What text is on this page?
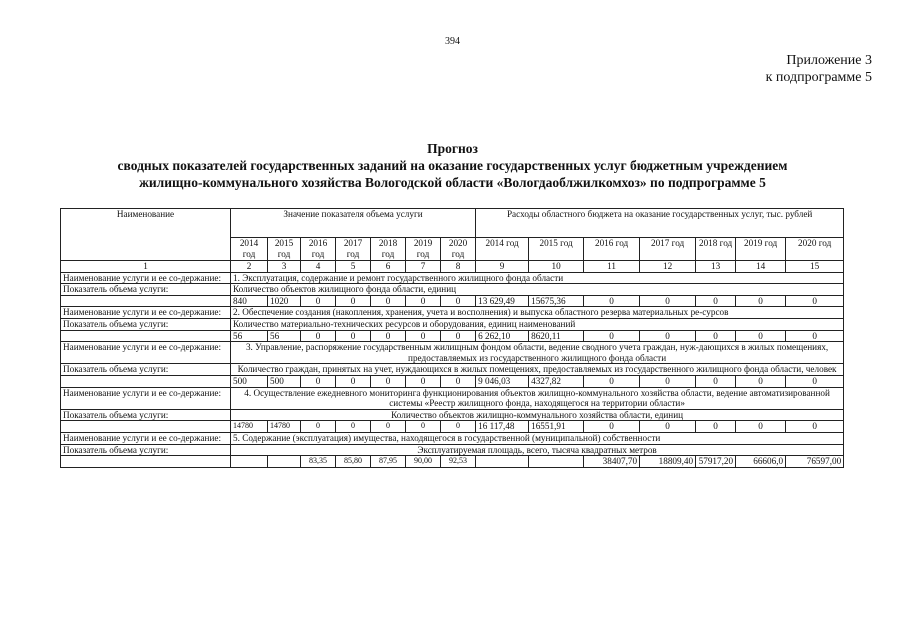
394
Приложение 3
к подпрограмме 5
Прогноз
сводных показателей государственных заданий на оказание государственных услуг бюджетным учреждением
жилищно-коммунального хозяйства Вологодской области «Вологдаоблжилкомхоз» по подпрограмме 5
Наименование	Значение показателя объема услуги							Расходы областного бюджета на оказание государственных услуг, тыс. рублей						
	2014 год	2015 год	2016 год	2017 год	2018 год	2019 год	2020 год	2014 год	2015 год	2016 год	2017 год	2018 год	2019 год	2020 год
1	2	3	4	5	6	7	8	9	10	11	12	13	14	15
Наименование услуги и ее со-держание:	1. Эксплуатация, содержание и ремонт государственного жилищного фонда области													
Показатель объема услуги:	Количество объектов жилищного фонда области, единиц													
	840	1020	0	0	0	0	0	13 629,49	15675,36	0	0	0	0	0
Наименование услуги и ее со-держание:	2. Обеспечение создания (накопления, хранения, учета и восполнения) и выпуска областного резерва материальных ре-сурсов													
Показатель объема услуги:	Количество материально-технических ресурсов и оборудования, единиц наименований													
	56	56	0	0	0	0	0	6 262,10	8620,11	0	0	0	0	0
Наименование услуги и ее со-держание:	3. Управление, распоряжение государственным жилищным фондом области, ведение сводного учета граждан, нуж-дающихся в жилых помещениях, предоставляемых из государственного жилищного фонда области													
Показатель объема услуги:	Количество граждан, принятых на учет, нуждающихся в жилых помещениях, предоставляемых из государственного жилищного фонда области, человек													
	500	500	0	0	0	0	0	9 046,03	4327,82	0	0	0	0	0
Наименование услуги и ее со-держание:	4. Осуществление ежедневного мониторинга функционирования объектов жилищно-коммунального хозяйства области, ведение автоматизированной системы «Реестр жилищного фонда, находящегося на территории области»													
Показатель объема услуги:	Количество объектов жилищно-коммунального хозяйства области, единиц													
	14780	14780	0	0	0	0	0	16 117,48	16551,91	0	0	0	0	0
Наименование услуги и ее со-держание:	5. Содержание (эксплуатация) имущества, находящегося в государственной (муниципальной) собственности													
Показатель объема услуги:	Эксплуатируемая площадь, всего, тысяча квадратных метров													
			83,35	85,80	87,95	90,00	92,53			38407,70	18809,40	57917,20	66606,0	76597,00
